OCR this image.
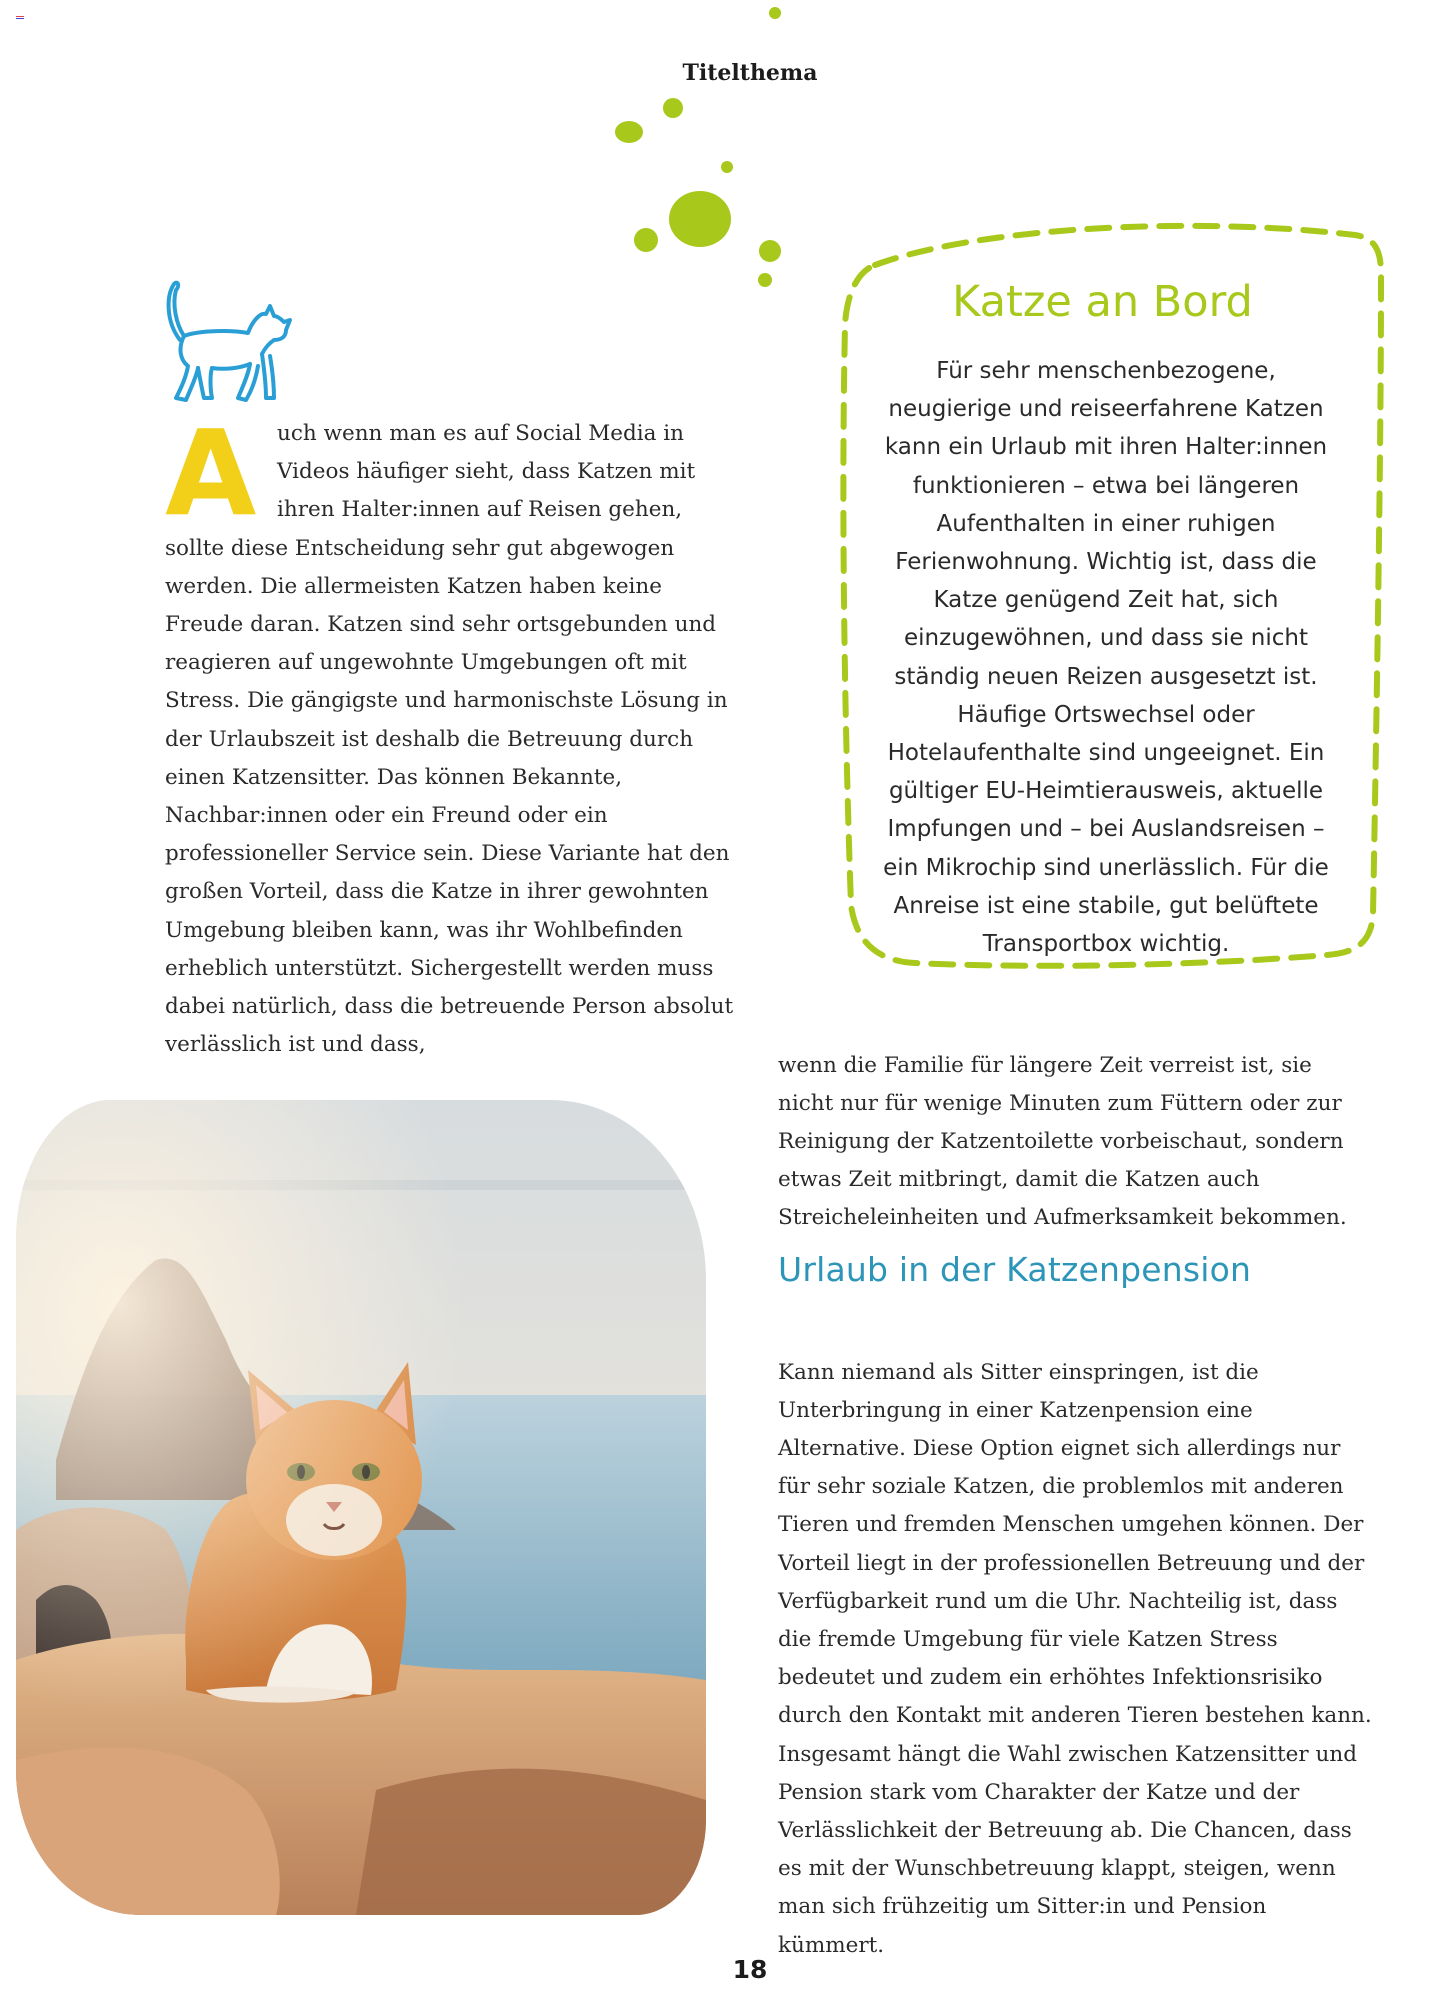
Titelthema
A uch wenn man es auf Social Media in Videos häufiger sieht, dass Katzen mit ihren Halter:innen auf Reisen gehen, sollte diese Entscheidung sehr gut abgewogen werden. Die allermeisten Katzen haben keine Freude daran. Katzen sind sehr ortsgebunden und reagieren auf ungewohnte Umgebungen oft mit Stress. Die gängigste und harmonischste Lösung in der Urlaubszeit ist deshalb die Betreuung durch einen Katzensitter. Das können Bekannte, Nachbar:innen oder ein Freund oder ein professioneller Service sein. Diese Variante hat den großen Vorteil, dass die Katze in ihrer gewohnten Umgebung bleiben kann, was ihr Wohlbefinden erheblich unterstützt. Sichergestellt werden muss dabei natürlich, dass die betreuende Person absolut verlässlich ist und dass,

Katze an Bord

Für sehr menschenbezogene, neugierige und reiseerfahrene Katzen kann ein Urlaub mit ihren Halter:innen funktionieren – etwa bei längeren Aufenthalten in einer ruhigen Ferienwohnung. Wichtig ist, dass die Katze genügend Zeit hat, sich einzugewöhnen, und dass sie nicht ständig neuen Reizen ausgesetzt ist. Häufige Ortswechsel oder Hotelaufenthalte sind ungeeignet. Ein gültiger EU-Heimtierausweis, aktuelle Impfungen und – bei Auslandsreisen – ein Mikrochip sind unerlässlich. Für die Anreise ist eine stabile, gut belüftete Transportbox wichtig.

wenn die Familie für längere Zeit verreist ist, sie nicht nur für wenige Minuten zum Füttern oder zur Reinigung der Katzentoilette vorbeischaut, sondern etwas Zeit mitbringt, damit die Katzen auch Streicheleinheiten und Aufmerksamkeit bekommen.

Urlaub in der Katzenpension

Kann niemand als Sitter einspringen, ist die Unterbringung in einer Katzenpension eine Alternative. Diese Option eignet sich allerdings nur für sehr soziale Katzen, die problemlos mit anderen Tieren und fremden Menschen umgehen können. Der Vorteil liegt in der professionellen Betreuung und der Verfügbarkeit rund um die Uhr. Nachteilig ist, dass die fremde Umgebung für viele Katzen Stress bedeutet und zudem ein erhöhtes Infektionsrisiko durch den Kontakt mit anderen Tieren bestehen kann. Insgesamt hängt die Wahl zwischen Katzensitter und Pension stark vom Charakter der Katze und der Verlässlichkeit der Betreuung ab. Die Chancen, dass es mit der Wunschbetreuung klappt, steigen, wenn man sich frühzeitig um Sitter:in und Pension kümmert.

18
